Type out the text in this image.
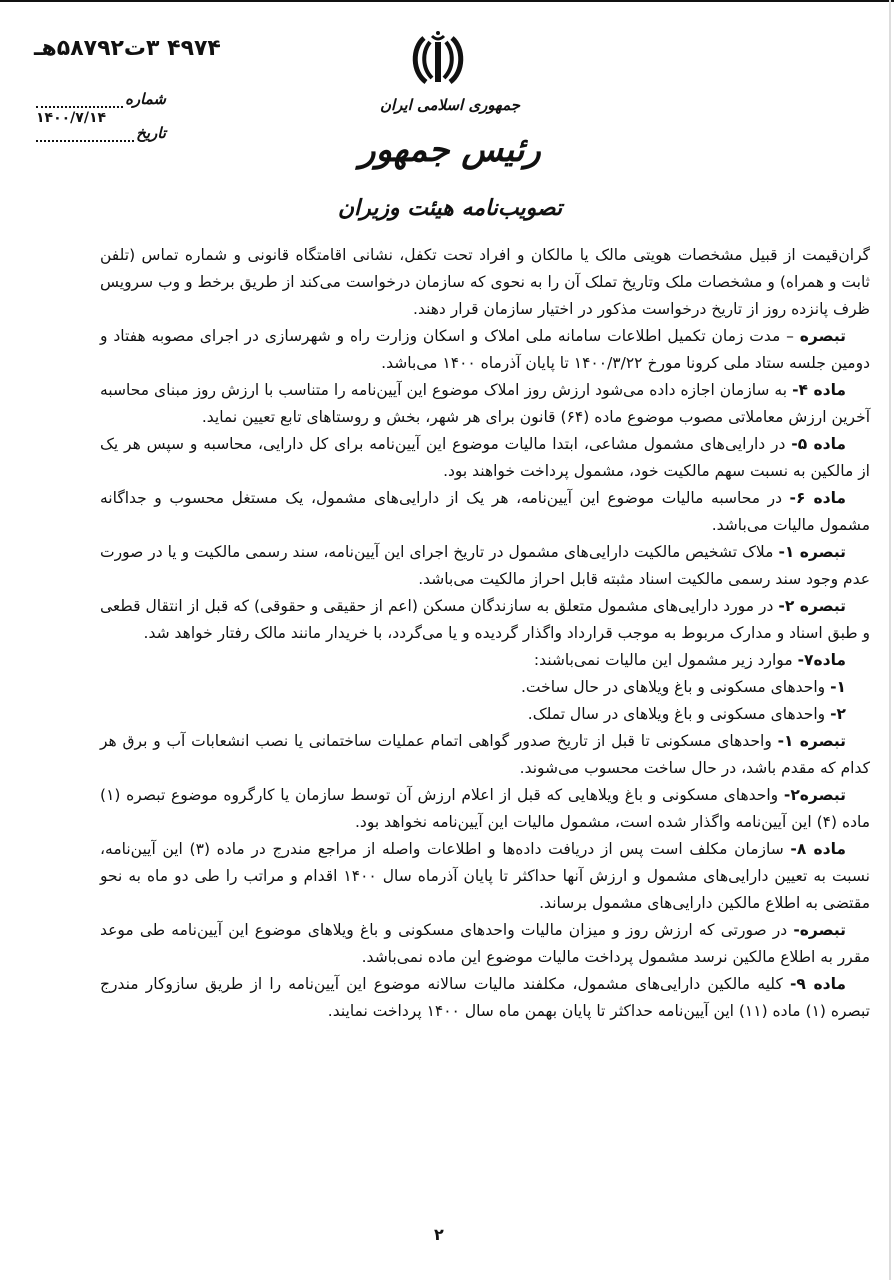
۴۹۷۴ ۳ت۵۸۷۹۲هـ
شماره
تاریخ
۱۴۰۰/۷/۱۴
جمهوری اسلامی ایران
رئیس جمهور
تصویب‌نامه هیئت وزیران

گران‌قیمت از قبیل مشخصات هویتی مالک یا مالکان و افراد تحت تکفل، نشانی اقامتگاه قانونی و شماره تماس (تلفن ثابت و همراه) و مشخصات ملک وتاریخ تملک آن را به نحوی که سازمان درخواست می‌کند از طریق برخط و وب سرویس ظرف پانزده روز از تاریخ درخواست مذکور در اختیار سازمان قرار دهند.

تبصره – مدت زمان تکمیل اطلاعات سامانه ملی املاک و اسکان وزارت راه و شهرسازی در اجرای مصوبه هفتاد و دومین جلسه ستاد ملی کرونا مورخ ۱۴۰۰/۳/۲۲ تا پایان آذرماه ۱۴۰۰ می‌باشد.

ماده ۴- به سازمان اجازه داده می‌شود ارزش روز املاک موضوع این آیین‌نامه را متناسب با ارزش روز مبنای محاسبه آخرین ارزش معاملاتی مصوب موضوع ماده (۶۴) قانون برای هر شهر، بخش و روستاهای تابع تعیین نماید.

ماده ۵- در دارایی‌های مشمول مشاعی، ابتدا مالیات موضوع این آیین‌نامه برای کل دارایی، محاسبه و سپس هر یک از مالکین به نسبت سهم مالکیت خود، مشمول پرداخت خواهند بود.

ماده ۶- در محاسبه مالیات موضوع این آیین‌نامه، هر یک از دارایی‌های مشمول، یک مستغل محسوب و جداگانه مشمول مالیات می‌باشد.

تبصره ۱- ملاک تشخیص مالکیت دارایی‌های مشمول در تاریخ اجرای این آیین‌نامه، سند رسمی مالکیت و یا در صورت عدم وجود سند رسمی مالکیت اسناد مثبته قابل احراز مالکیت می‌باشد.

تبصره ۲- در مورد دارایی‌های مشمول متعلق به سازندگان مسکن (اعم از حقیقی و حقوقی) که قبل از انتقال قطعی و طبق اسناد و مدارک مربوط به موجب قرارداد واگذار گردیده و یا می‌گردد، با خریدار مانند مالک رفتار خواهد شد.

ماده۷- موارد زیر مشمول این مالیات نمی‌باشند:

۱- واحدهای مسکونی و باغ ویلاهای در حال ساخت.

۲- واحدهای مسکونی و باغ ویلاهای در سال تملک.

تبصره ۱- واحدهای مسکونی تا قبل از تاریخ صدور گواهی اتمام عملیات ساختمانی یا نصب انشعابات آب و برق هر کدام که مقدم باشد، در حال ساخت محسوب می‌شوند.

تبصره۲- واحدهای مسکونی و باغ ویلاهایی که قبل از اعلام ارزش آن توسط سازمان یا کارگروه موضوع تبصره (۱) ماده (۴) این آیین‌نامه واگذار شده است، مشمول مالیات این آیین‌نامه نخواهد بود.

ماده ۸- سازمان مکلف است پس از دریافت داده‌ها و اطلاعات واصله از مراجع مندرج در ماده (۳) این آیین‌نامه، نسبت به تعیین دارایی‌های مشمول و ارزش آنها حداکثر تا پایان آذرماه سال ۱۴۰۰ اقدام و مراتب را طی دو ماه به نحو مقتضی به اطلاع مالکین دارایی‌های مشمول برساند.

تبصره- در صورتی که ارزش روز و میزان مالیات واحدهای مسکونی و باغ ویلاهای موضوع این آیین‌نامه طی موعد مقرر به اطلاع مالکین نرسد مشمول پرداخت مالیات موضوع این ماده نمی‌باشد.

ماده ۹- کلیه مالکین دارایی‌های مشمول، مکلفند مالیات سالانه موضوع این آیین‌نامه را از طریق سازوکار مندرج تبصره (۱) ماده (۱۱) این آیین‌نامه حداکثر تا پایان بهمن ماه سال ۱۴۰۰ پرداخت نمایند.

۲
